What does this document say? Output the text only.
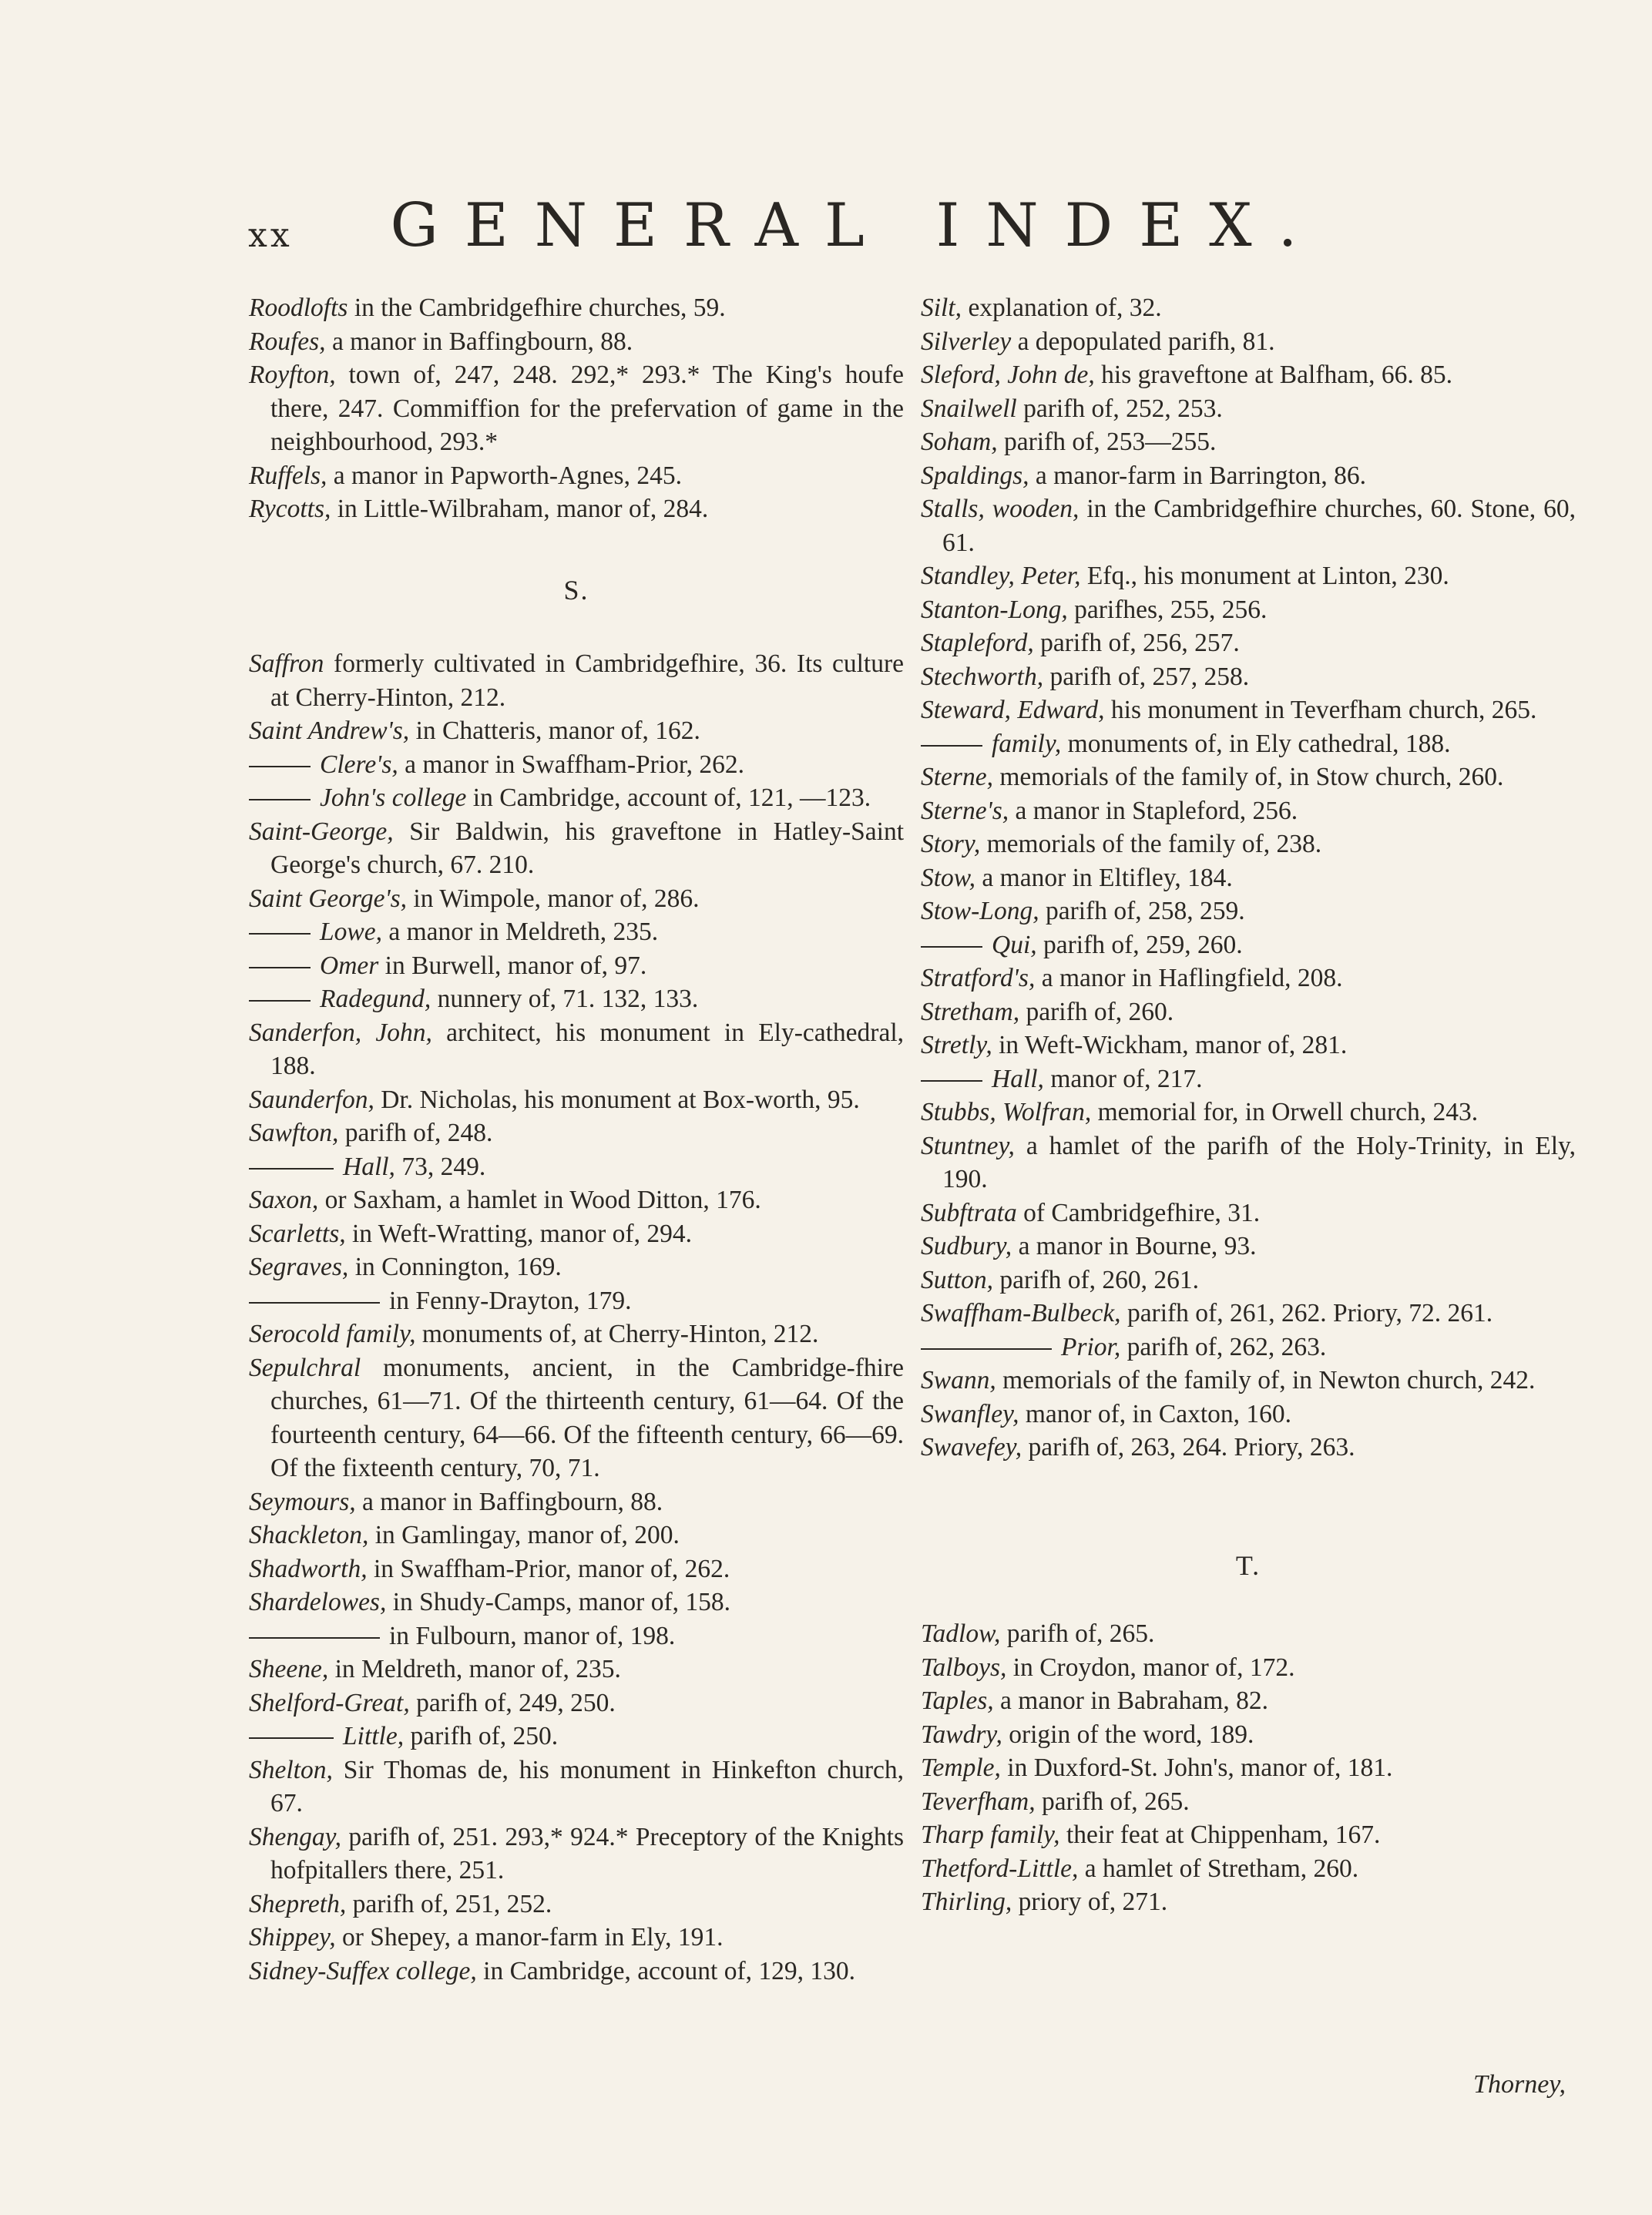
xx	GENERAL INDEX.
Roodlofts in the Cambridgefhire churches, 59.
Roufes, a manor in Baffingbourn, 88.
Royfton, town of, 247, 248. 292,* 293.* The King's houfe there, 247. Commiffion for the prefervation of game in the neighbourhood, 293.*
Ruffels, a manor in Papworth-Agnes, 245.
Rycotts, in Little-Wilbraham, manor of, 284.
S.
Saffron formerly cultivated in Cambridgefhire, 36. Its culture at Cherry-Hinton, 212.
Saint Andrew's, in Chatteris, manor of, 162.
Clere's, a manor in Swaffham-Prior, 262.
John's college in Cambridge, account of, 121, —123.
Saint-George, Sir Baldwin, his graveftone in Hatley-Saint George's church, 67. 210.
Saint George's, in Wimpole, manor of, 286.
Lowe, a manor in Meldreth, 235.
Omer in Burwell, manor of, 97.
Radegund, nunnery of, 71. 132, 133.
Sanderfon, John, architect, his monument in Ely-cathedral, 188.
Saunderfon, Dr. Nicholas, his monument at Box-worth, 95.
Sawfton, parifh of, 248.
Hall, 73, 249.
Saxon, or Saxham, a hamlet in Wood Ditton, 176.
Scarletts, in Weft-Wratting, manor of, 294.
Segraves, in Connington, 169.
in Fenny-Drayton, 179.
Serocold family, monuments of, at Cherry-Hinton, 212.
Sepulchral monuments, ancient, in the Cambridge-fhire churches, 61—71. Of the thirteenth century, 61—64. Of the fourteenth century, 64—66. Of the fifteenth century, 66—69. Of the fixteenth century, 70, 71.
Seymours, a manor in Baffingbourn, 88.
Shackleton, in Gamlingay, manor of, 200.
Shadworth, in Swaffham-Prior, manor of, 262.
Shardelowes, in Shudy-Camps, manor of, 158.
in Fulbourn, manor of, 198.
Sheene, in Meldreth, manor of, 235.
Shelford-Great, parifh of, 249, 250.
Little, parifh of, 250.
Shelton, Sir Thomas de, his monument in Hinkefton church, 67.
Shengay, parifh of, 251. 293,* 924.* Preceptory of the Knights hofpitallers there, 251.
Shepreth, parifh of, 251, 252.
Shippey, or Shepey, a manor-farm in Ely, 191.
Sidney-Suffex college, in Cambridge, account of, 129, 130.
Silt, explanation of, 32.
Silverley a depopulated parifh, 81.
Sleford, John de, his graveftone at Balfham, 66. 85.
Snailwell parifh of, 252, 253.
Soham, parifh of, 253—255.
Spaldings, a manor-farm in Barrington, 86.
Stalls, wooden, in the Cambridgefhire churches, 60. Stone, 60, 61.
Standley, Peter, Efq., his monument at Linton, 230.
Stanton-Long, parifhes, 255, 256.
Stapleford, parifh of, 256, 257.
Stechworth, parifh of, 257, 258.
Steward, Edward, his monument in Teverfham church, 265.
family, monuments of, in Ely cathedral, 188.
Sterne, memorials of the family of, in Stow church, 260.
Sterne's, a manor in Stapleford, 256.
Story, memorials of the family of, 238.
Stow, a manor in Eltifley, 184.
Stow-Long, parifh of, 258, 259.
Qui, parifh of, 259, 260.
Stratford's, a manor in Haflingfield, 208.
Stretham, parifh of, 260.
Stretly, in Weft-Wickham, manor of, 281.
Hall, manor of, 217.
Stubbs, Wolfran, memorial for, in Orwell church, 243.
Stuntney, a hamlet of the parifh of the Holy-Trinity, in Ely, 190.
Subftrata of Cambridgefhire, 31.
Sudbury, a manor in Bourne, 93.
Sutton, parifh of, 260, 261.
Swaffham-Bulbeck, parifh of, 261, 262. Priory, 72. 261.
Prior, parifh of, 262, 263.
Swann, memorials of the family of, in Newton church, 242.
Swanfley, manor of, in Caxton, 160.
Swavefey, parifh of, 263, 264. Priory, 263.
T.
Tadlow, parifh of, 265.
Talboys, in Croydon, manor of, 172.
Taples, a manor in Babraham, 82.
Tawdry, origin of the word, 189.
Temple, in Duxford-St. John's, manor of, 181.
Teverfham, parifh of, 265.
Tharp family, their feat at Chippenham, 167.
Thetford-Little, a hamlet of Stretham, 260.
Thirling, priory of, 271.
Thorney,
